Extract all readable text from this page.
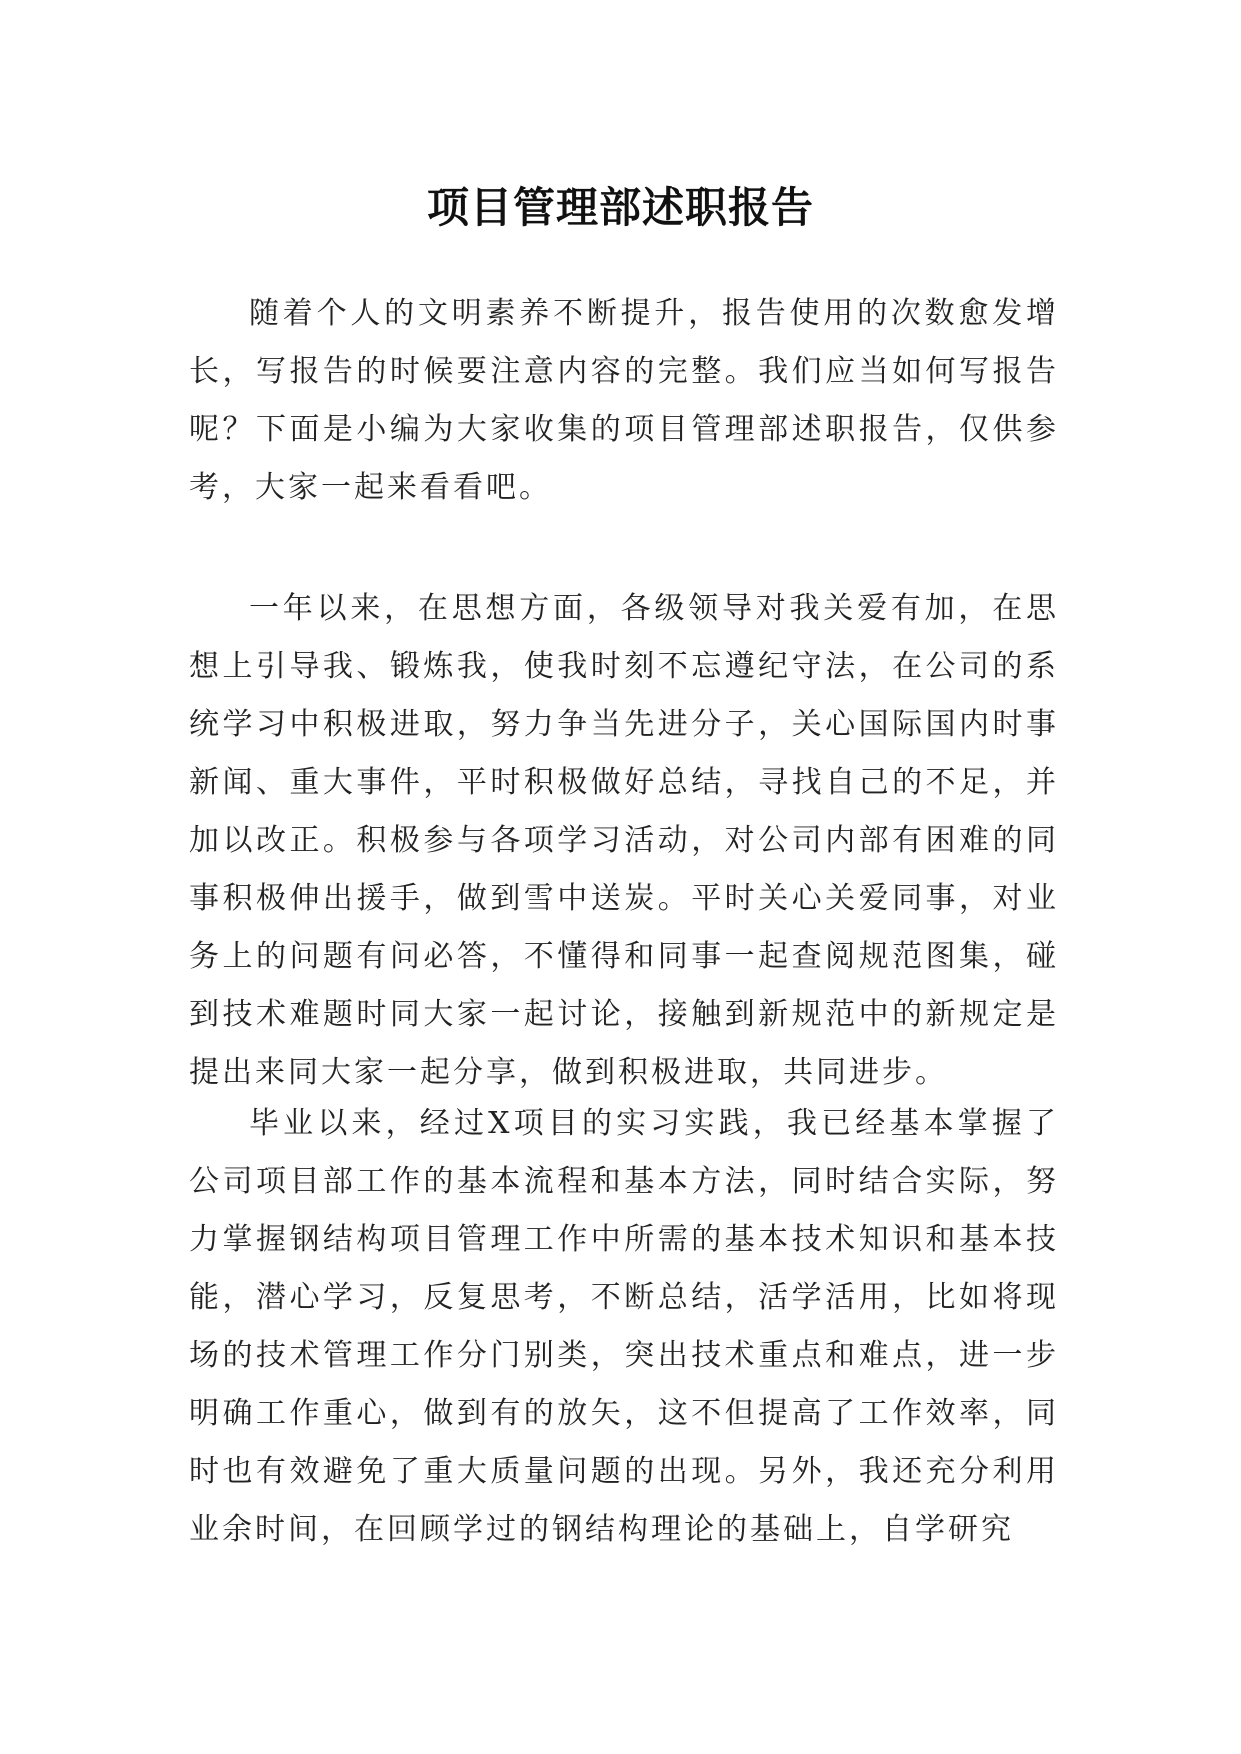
项目管理部述职报告

随着个人的文明素养不断提升，报告使用的次数愈发增长，写报告的时候要注意内容的完整。我们应当如何写报告呢？下面是小编为大家收集的项目管理部述职报告，仅供参考，大家一起来看看吧。

一年以来，在思想方面，各级领导对我关爱有加，在思想上引导我、锻炼我，使我时刻不忘遵纪守法，在公司的系统学习中积极进取，努力争当先进分子，关心国际国内时事新闻、重大事件，平时积极做好总结，寻找自己的不足，并加以改正。积极参与各项学习活动，对公司内部有困难的同事积极伸出援手，做到雪中送炭。平时关心关爱同事，对业务上的问题有问必答，不懂得和同事一起查阅规范图集，碰到技术难题时同大家一起讨论，接触到新规范中的新规定是提出来同大家一起分享，做到积极进取，共同进步。

毕业以来，经过X项目的实习实践，我已经基本掌握了公司项目部工作的基本流程和基本方法，同时结合实际，努力掌握钢结构项目管理工作中所需的基本技术知识和基本技能，潜心学习，反复思考，不断总结，活学活用，比如将现场的技术管理工作分门别类，突出技术重点和难点，进一步明确工作重心，做到有的放矢，这不但提高了工作效率，同时也有效避免了重大质量问题的出现。另外，我还充分利用业余时间，在回顾学过的钢结构理论的基础上，自学研究
